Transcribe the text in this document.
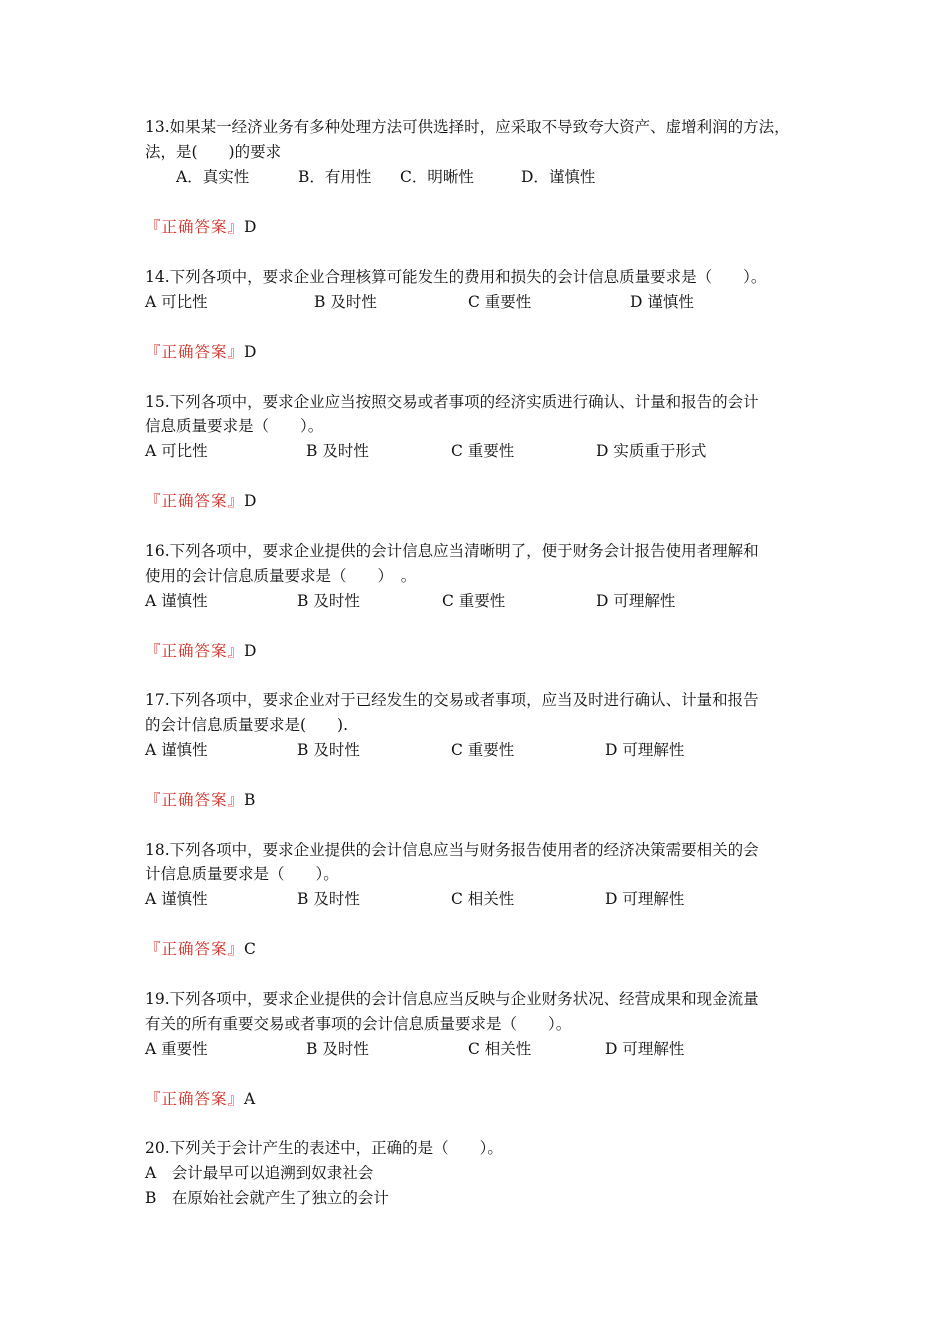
13.如果某一经济业务有多种处理方法可供选择时，应采取不导致夸大资产、虚增利润的方法，
法，是(　　)的要求
A．真实性	B．有用性 C．明晰性	D．谨慎性
『正确答案』D
14.下列各项中，要求企业合理核算可能发生的费用和损失的会计信息质量要求是（　　）。
A 可比性	B 及时性	C 重要性	D 谨慎性
『正确答案』D
15.下列各项中，要求企业应当按照交易或者事项的经济实质进行确认、计量和报告的会计
信息质量要求是（　　）。
A 可比性	B 及时性	C 重要性	D 实质重于形式
『正确答案』D
16.下列各项中，要求企业提供的会计信息应当清晰明了，便于财务会计报告使用者理解和
使用的会计信息质量要求是（　　）　。
A 谨慎性	B 及时性	C 重要性	D 可理解性
『正确答案』D
17.下列各项中，要求企业对于已经发生的交易或者事项，应当及时进行确认、计量和报告
的会计信息质量要求是(　　).
A 谨慎性	B 及时性	C 重要性	D 可理解性
『正确答案』B
18.下列各项中，要求企业提供的会计信息应当与财务报告使用者的经济决策需要相关的会
计信息质量要求是（　　）。
A 谨慎性	B 及时性	C 相关性	D 可理解性
『正确答案』C
19.下列各项中，要求企业提供的会计信息应当反映与企业财务状况、经营成果和现金流量
有关的所有重要交易或者事项的会计信息质量要求是（　　）。
A 重要性	B 及时性	C 相关性	D 可理解性
『正确答案』A
20.下列关于会计产生的表述中，正确的是（　　）。
A　会计最早可以追溯到奴隶社会
B　在原始社会就产生了独立的会计
